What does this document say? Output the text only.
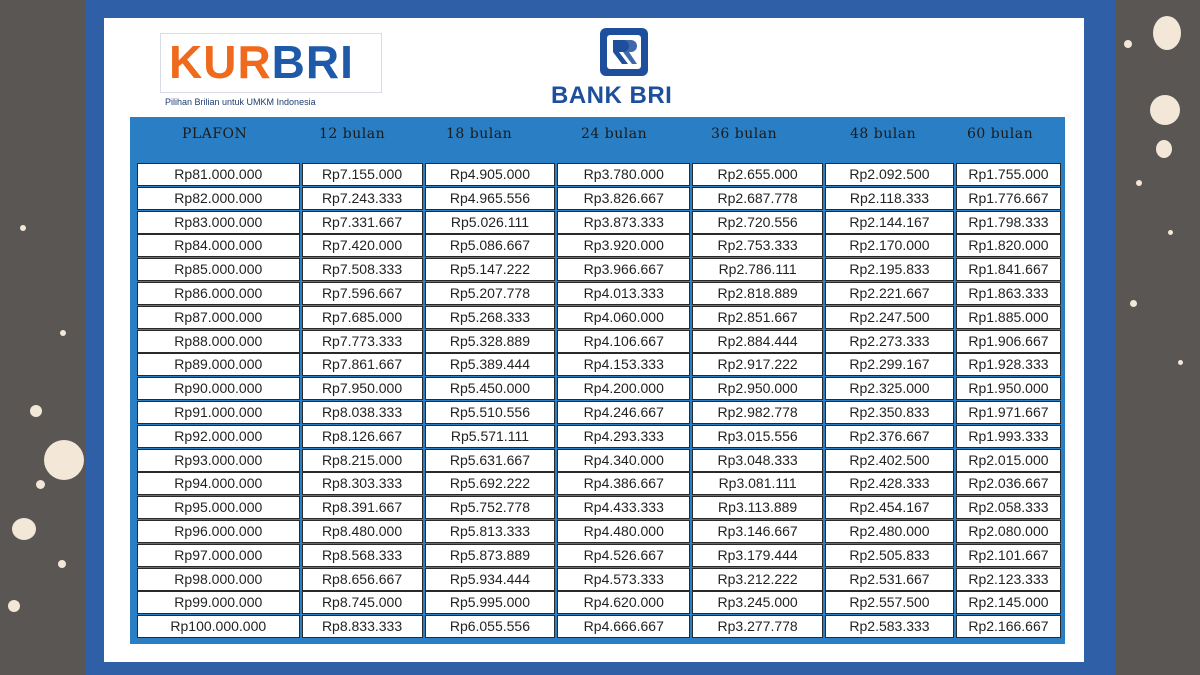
KURBRI
Pilihan Brilian untuk UMKM Indonesia	BANK BRI
PLAFON	12 bulan	18 bulan	24 bulan	36 bulan	48 bulan	60 bulan
Rp81.000.000	Rp7.155.000	Rp4.905.000	Rp3.780.000	Rp2.655.000	Rp2.092.500	Rp1.755.000
Rp82.000.000	Rp7.243.333	Rp4.965.556	Rp3.826.667	Rp2.687.778	Rp2.118.333	Rp1.776.667
Rp83.000.000	Rp7.331.667	Rp5.026.111	Rp3.873.333	Rp2.720.556	Rp2.144.167	Rp1.798.333
Rp84.000.000	Rp7.420.000	Rp5.086.667	Rp3.920.000	Rp2.753.333	Rp2.170.000	Rp1.820.000
Rp85.000.000	Rp7.508.333	Rp5.147.222	Rp3.966.667	Rp2.786.111	Rp2.195.833	Rp1.841.667
Rp86.000.000	Rp7.596.667	Rp5.207.778	Rp4.013.333	Rp2.818.889	Rp2.221.667	Rp1.863.333
Rp87.000.000	Rp7.685.000	Rp5.268.333	Rp4.060.000	Rp2.851.667	Rp2.247.500	Rp1.885.000
Rp88.000.000	Rp7.773.333	Rp5.328.889	Rp4.106.667	Rp2.884.444	Rp2.273.333	Rp1.906.667
Rp89.000.000	Rp7.861.667	Rp5.389.444	Rp4.153.333	Rp2.917.222	Rp2.299.167	Rp1.928.333
Rp90.000.000	Rp7.950.000	Rp5.450.000	Rp4.200.000	Rp2.950.000	Rp2.325.000	Rp1.950.000
Rp91.000.000	Rp8.038.333	Rp5.510.556	Rp4.246.667	Rp2.982.778	Rp2.350.833	Rp1.971.667
Rp92.000.000	Rp8.126.667	Rp5.571.111	Rp4.293.333	Rp3.015.556	Rp2.376.667	Rp1.993.333
Rp93.000.000	Rp8.215.000	Rp5.631.667	Rp4.340.000	Rp3.048.333	Rp2.402.500	Rp2.015.000
Rp94.000.000	Rp8.303.333	Rp5.692.222	Rp4.386.667	Rp3.081.111	Rp2.428.333	Rp2.036.667
Rp95.000.000	Rp8.391.667	Rp5.752.778	Rp4.433.333	Rp3.113.889	Rp2.454.167	Rp2.058.333
Rp96.000.000	Rp8.480.000	Rp5.813.333	Rp4.480.000	Rp3.146.667	Rp2.480.000	Rp2.080.000
Rp97.000.000	Rp8.568.333	Rp5.873.889	Rp4.526.667	Rp3.179.444	Rp2.505.833	Rp2.101.667
Rp98.000.000	Rp8.656.667	Rp5.934.444	Rp4.573.333	Rp3.212.222	Rp2.531.667	Rp2.123.333
Rp99.000.000	Rp8.745.000	Rp5.995.000	Rp4.620.000	Rp3.245.000	Rp2.557.500	Rp2.145.000
Rp100.000.000	Rp8.833.333	Rp6.055.556	Rp4.666.667	Rp3.277.778	Rp2.583.333	Rp2.166.667
